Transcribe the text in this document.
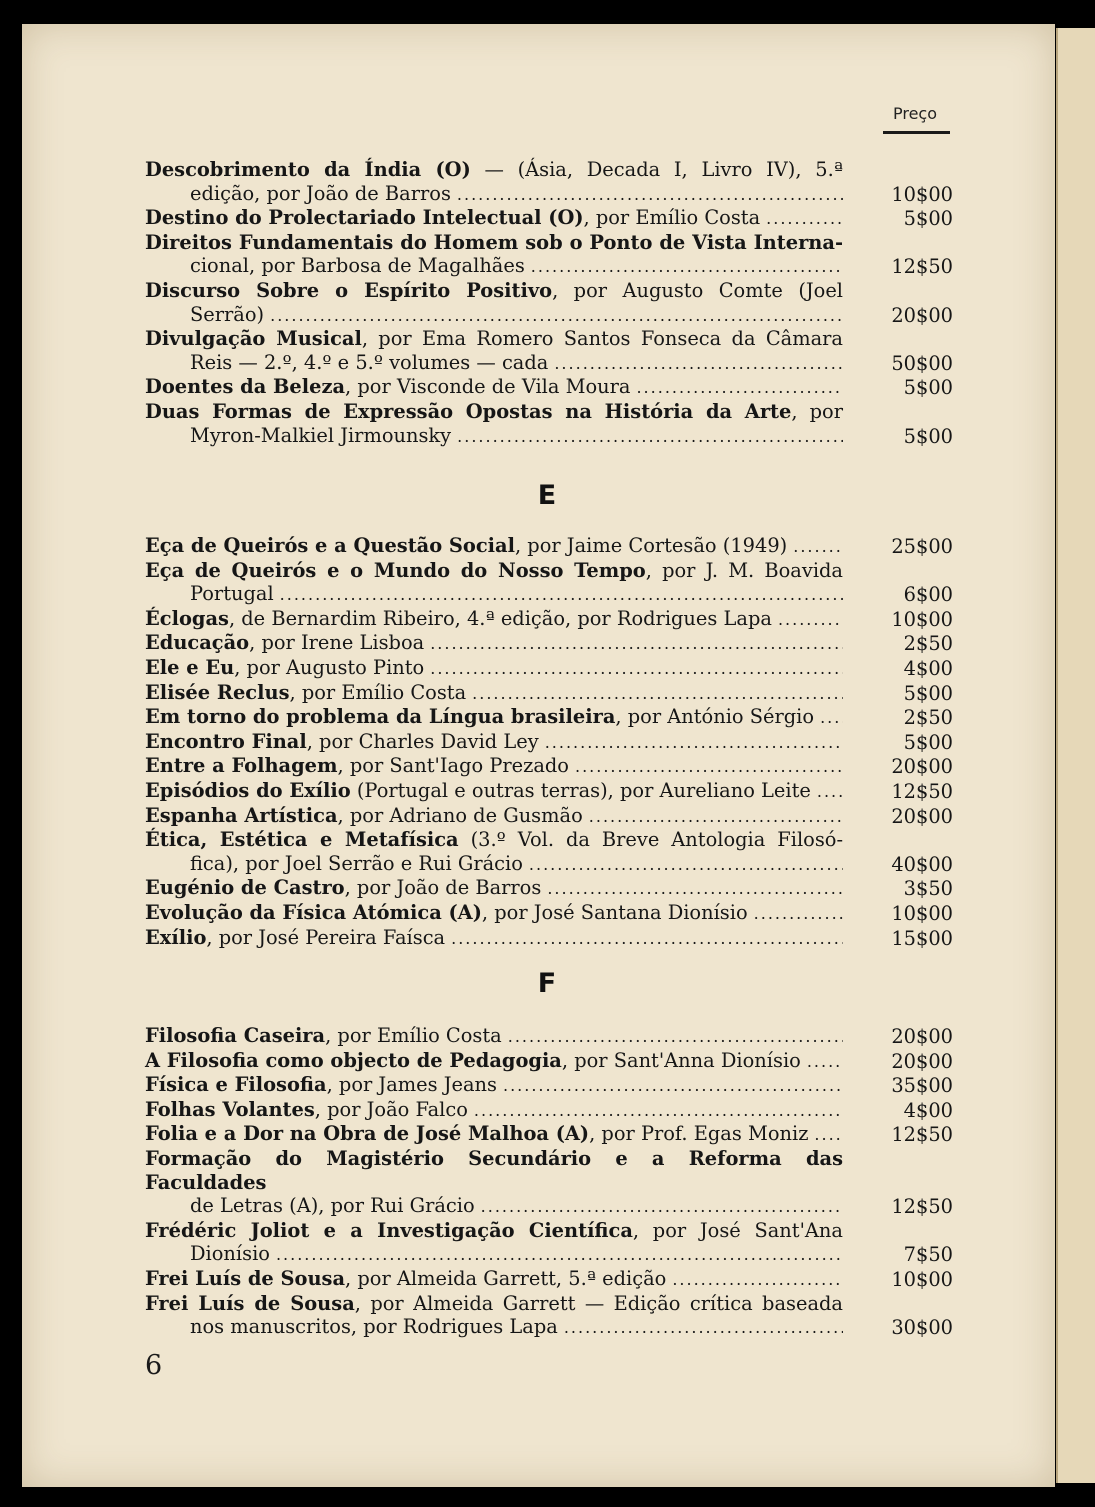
Preço
Descobrimento da Índia (O) — (Ásia, Decada I, Livro IV), 5.ª
edição, por João de Barros .....	10$00
Destino do Prolectariado Intelectual (O), por Emílio Costa .....	5$00
Direitos Fundamentais do Homem sob o Ponto de Vista Interna-
cional, por Barbosa de Magalhães .....	12$50
Discurso Sobre o Espírito Positivo, por Augusto Comte (Joel
Serrão) .....	20$00
Divulgação Musical, por Ema Romero Santos Fonseca da Câmara
Reis — 2.º, 4.º e 5.º volumes — cada .....	50$00
Doentes da Beleza, por Visconde de Vila Moura .....	5$00
Duas Formas de Expressão Opostas na História da Arte, por
Myron-Malkiel Jirmounsky .....	5$00
E
Eça de Queirós e a Questão Social, por Jaime Cortesão (1949) .....	25$00
Eça de Queirós e o Mundo do Nosso Tempo, por J. M. Boavida
Portugal .....	6$00
Éclogas, de Bernardim Ribeiro, 4.ª edição, por Rodrigues Lapa .....	10$00
Educação, por Irene Lisboa .....	2$50
Ele e Eu, por Augusto Pinto .....	4$00
Elisée Reclus, por Emílio Costa .....	5$00
Em torno do problema da Língua brasileira, por António Sérgio .....	2$50
Encontro Final, por Charles David Ley .....	5$00
Entre a Folhagem, por Sant'Iago Prezado .....	20$00
Episódios do Exílio (Portugal e outras terras), por Aureliano Leite .....	12$50
Espanha Artística, por Adriano de Gusmão .....	20$00
Ética, Estética e Metafísica (3.º Vol. da Breve Antologia Filosó-
fica), por Joel Serrão e Rui Grácio .....	40$00
Eugénio de Castro, por João de Barros .....	3$50
Evolução da Física Atómica (A), por José Santana Dionísio .....	10$00
Exílio, por José Pereira Faísca .....	15$00
F
Filosofia Caseira, por Emílio Costa .....	20$00
A Filosofia como objecto de Pedagogia, por Sant'Anna Dionísio .....	20$00
Física e Filosofia, por James Jeans .....	35$00
Folhas Volantes, por João Falco .....	4$00
Folia e a Dor na Obra de José Malhoa (A), por Prof. Egas Moniz .....	12$50
Formação do Magistério Secundário e a Reforma das Faculdades
de Letras (A), por Rui Grácio .....	12$50
Frédéric Joliot e a Investigação Científica, por José Sant'Ana
Dionísio .....	7$50
Frei Luís de Sousa, por Almeida Garrett, 5.ª edição .....	10$00
Frei Luís de Sousa, por Almeida Garrett — Edição crítica baseada
nos manuscritos, por Rodrigues Lapa .....	30$00
6
